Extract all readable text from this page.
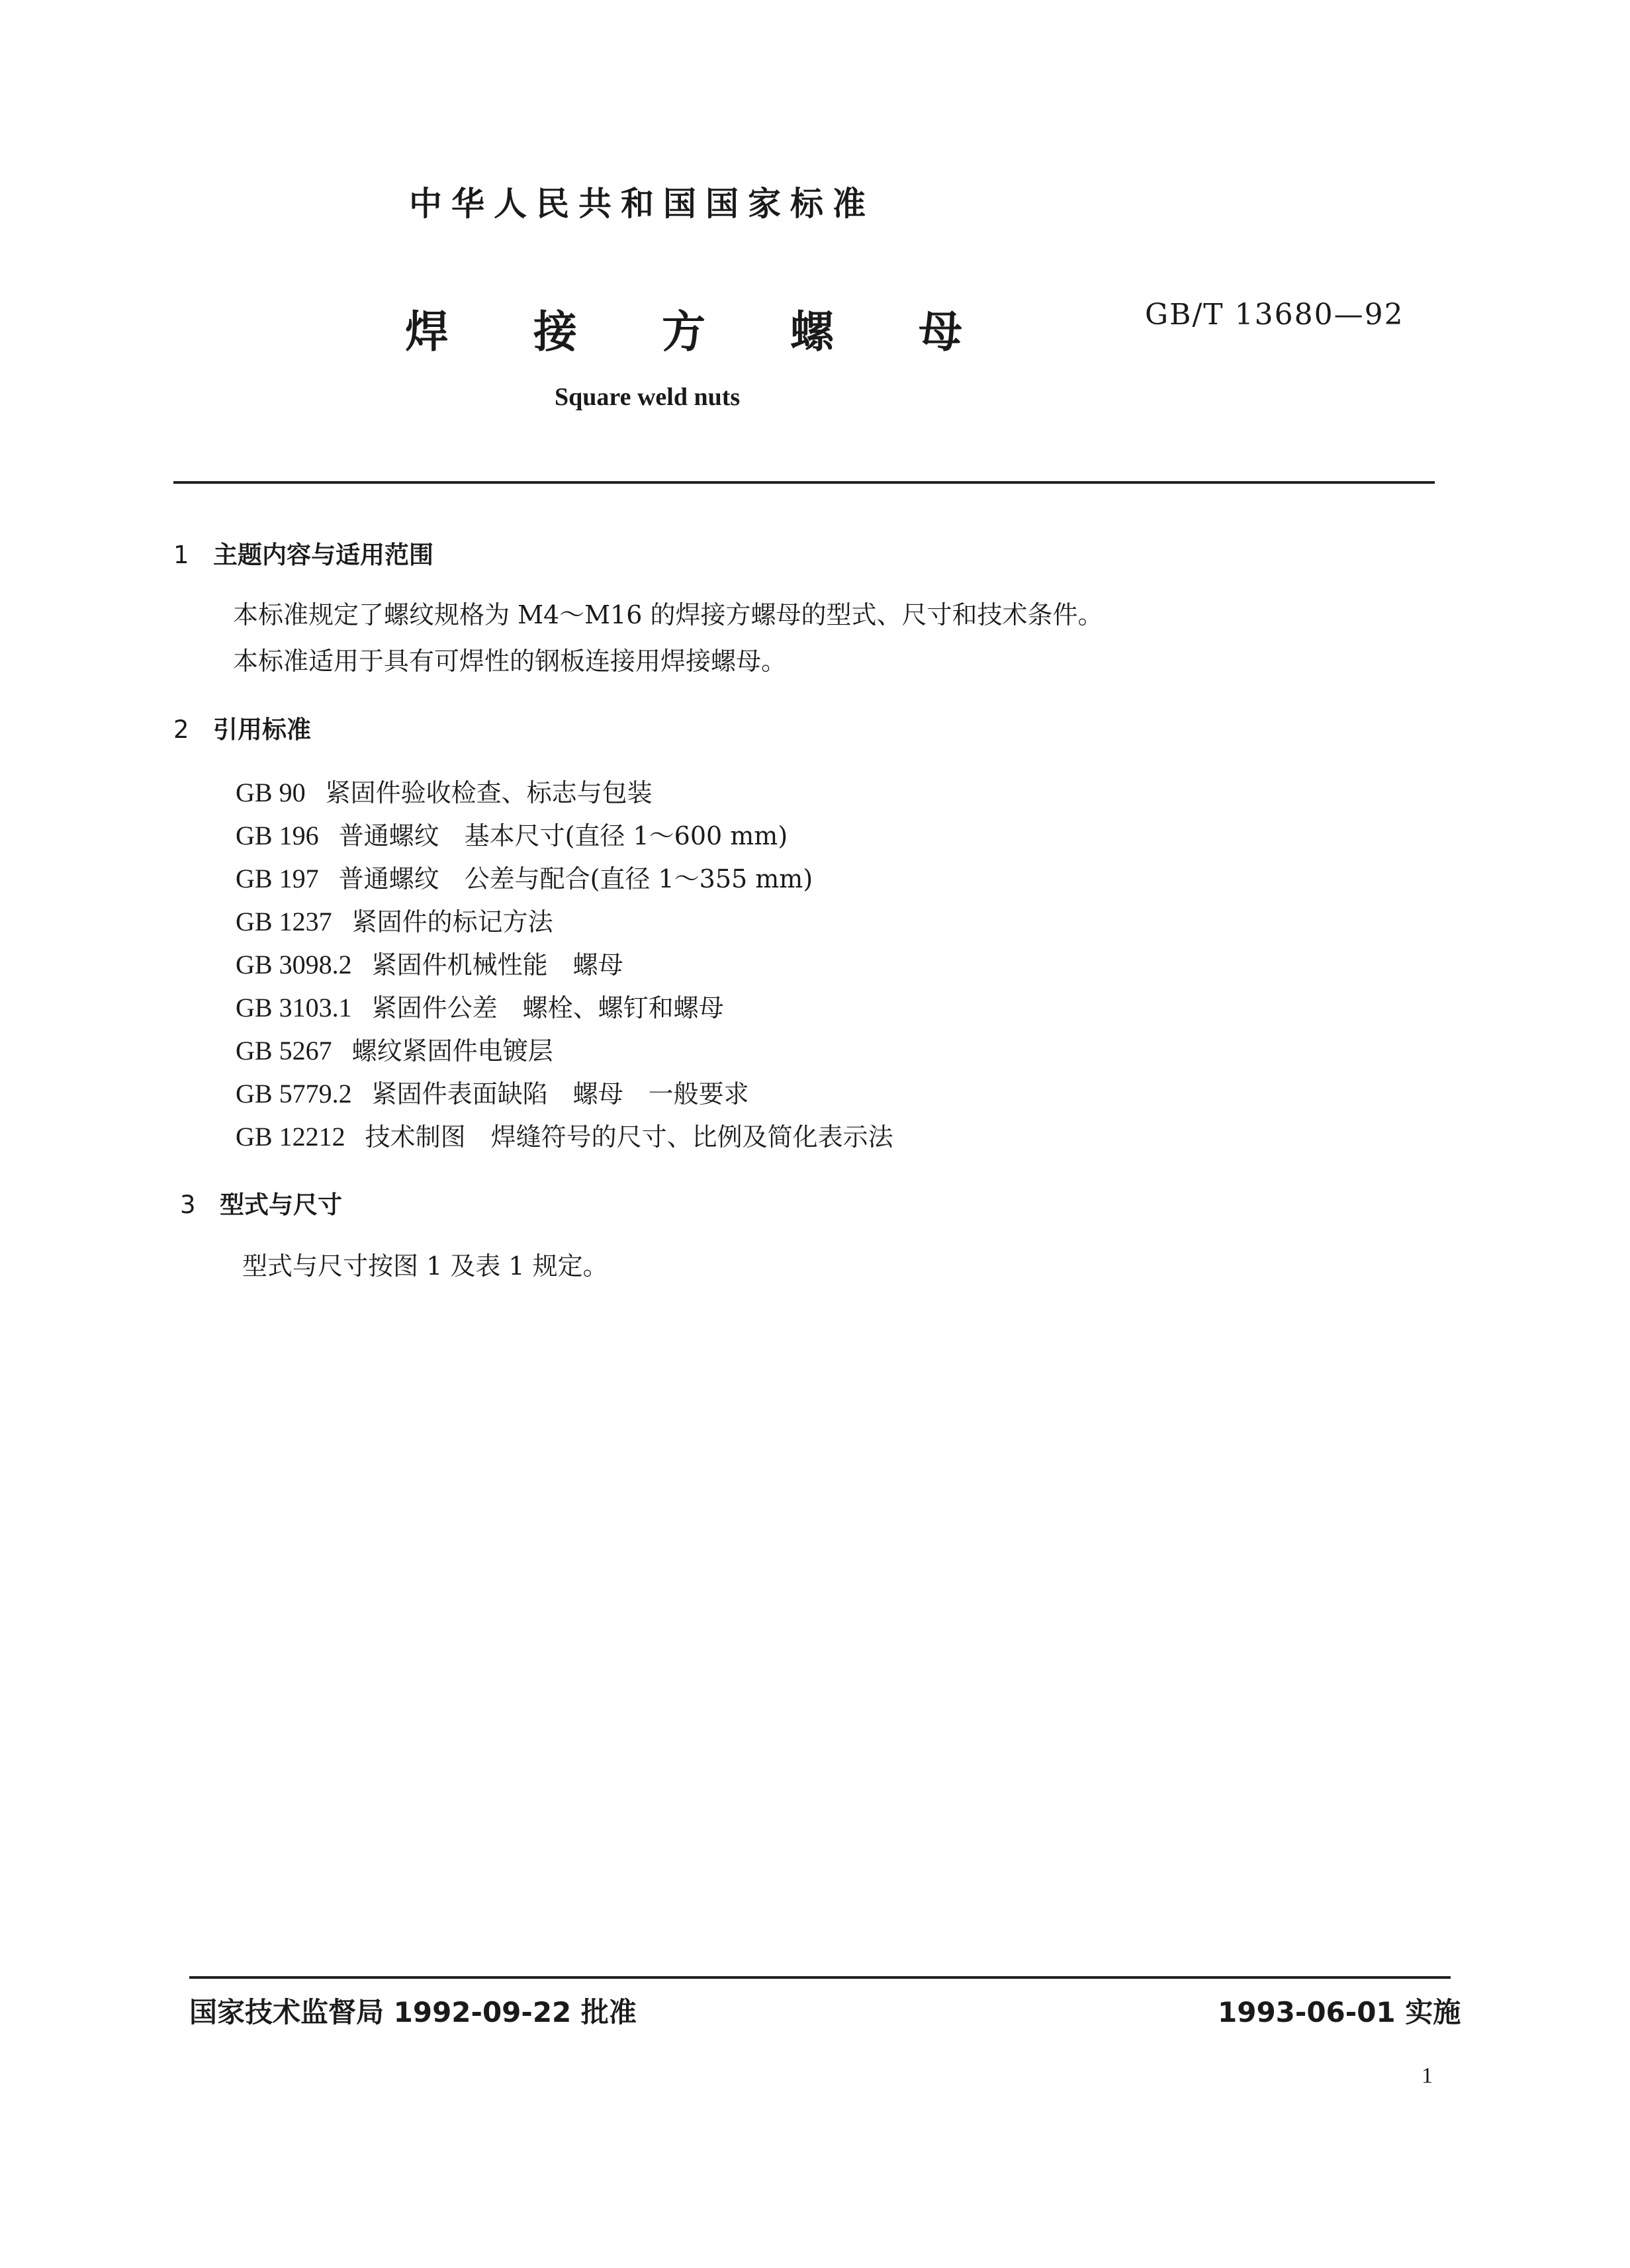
中华人民共和国国家标准
焊接方螺母	GB/T 13680—92
Square weld nuts
1 主题内容与适用范围
本标准规定了螺纹规格为 M4～M16 的焊接方螺母的型式、尺寸和技术条件。
本标准适用于具有可焊性的钢板连接用焊接螺母。
2 引用标准
GB 90 紧固件验收检查、标志与包装
GB 196 普通螺纹　基本尺寸(直径 1～600 mm)
GB 197 普通螺纹　公差与配合(直径 1～355 mm)
GB 1237 紧固件的标记方法
GB 3098.2 紧固件机械性能　螺母
GB 3103.1 紧固件公差　螺栓、螺钉和螺母
GB 5267 螺纹紧固件电镀层
GB 5779.2 紧固件表面缺陷　螺母　一般要求
GB 12212 技术制图　焊缝符号的尺寸、比例及简化表示法
3 型式与尺寸
型式与尺寸按图 1 及表 1 规定。
国家技术监督局 1992-09-22 批准	1993-06-01 实施
1
